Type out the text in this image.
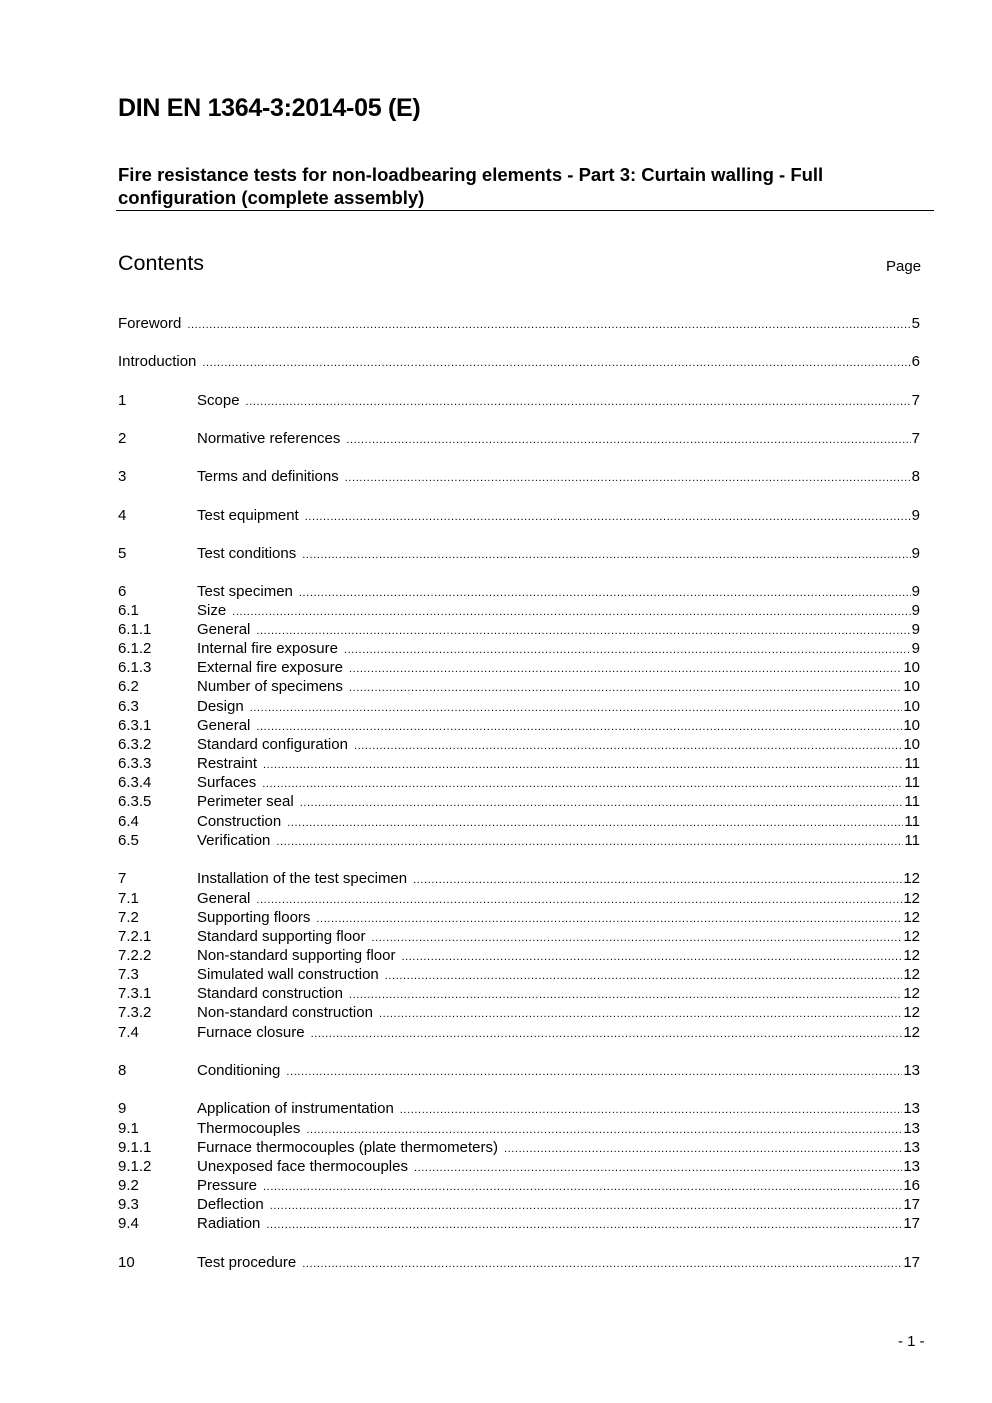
DIN EN 1364-3:2014-05 (E)
Fire resistance tests for non-loadbearing elements - Part 3: Curtain walling - Full configuration (complete assembly)
Contents	Page
Foreword .....	5
Introduction .....	6
1	Scope .....	7
2	Normative references .....	7
3	Terms and definitions .....	8
4	Test equipment .....	9
5	Test conditions .....	9
6	Test specimen .....	9
6.1	Size .....	9
6.1.1	General .....	9
6.1.2	Internal fire exposure .....	9
6.1.3	External fire exposure .....	10
6.2	Number of specimens .....	10
6.3	Design .....	10
6.3.1	General .....	10
6.3.2	Standard configuration .....	10
6.3.3	Restraint .....	11
6.3.4	Surfaces .....	11
6.3.5	Perimeter seal .....	11
6.4	Construction .....	11
6.5	Verification .....	11
7	Installation of the test specimen .....	12
7.1	General .....	12
7.2	Supporting floors .....	12
7.2.1	Standard supporting floor .....	12
7.2.2	Non-standard supporting floor .....	12
7.3	Simulated wall construction .....	12
7.3.1	Standard construction .....	12
7.3.2	Non-standard construction .....	12
7.4	Furnace closure .....	12
8	Conditioning .....	13
9	Application of instrumentation .....	13
9.1	Thermocouples .....	13
9.1.1	Furnace thermocouples (plate thermometers) .....	13
9.1.2	Unexposed face thermocouples .....	13
9.2	Pressure .....	16
9.3	Deflection .....	17
9.4	Radiation .....	17
10	Test procedure .....	17
- 1 -
